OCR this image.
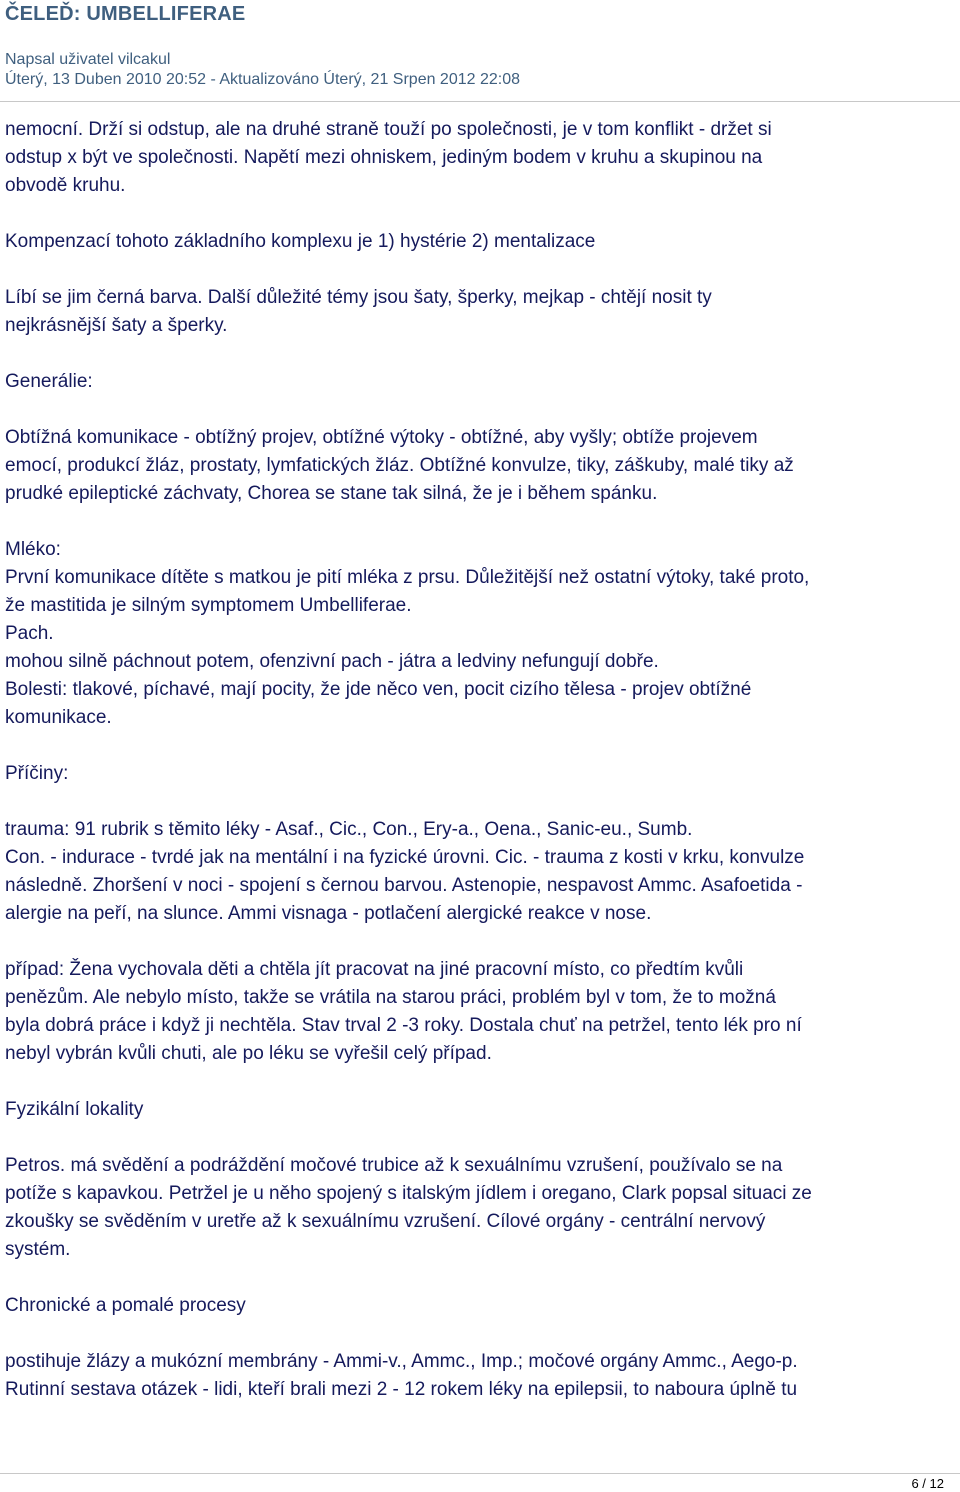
ČELEĎ: UMBELLIFERAE
Napsal uživatel vilcakul
Úterý, 13 Duben 2010 20:52 - Aktualizováno Úterý, 21 Srpen 2012 22:08

nemocní. Drží si odstup, ale na druhé straně touží po společnosti, je v tom konflikt - držet si

odstup x být ve společnosti. Napětí mezi ohniskem, jediným bodem v kruhu a skupinou na

obvodě kruhu.

Kompenzací tohoto základního komplexu je 1) hystérie 2) mentalizace

Líbí se jim černá barva. Další důležité témy jsou šaty, šperky, mejkap - chtějí nosit ty

nejkrásnější šaty a šperky.

Generálie:

Obtížná komunikace - obtížný projev, obtížné výtoky - obtížné, aby vyšly; obtíže projevem

emocí, produkcí žláz, prostaty, lymfatických žláz. Obtížné konvulze, tiky, záškuby, malé tiky až

prudké epileptické záchvaty, Chorea se stane tak silná, že je i během spánku.

Mléko:

První komunikace dítěte s matkou je pití mléka z prsu. Důležitější než ostatní výtoky, také proto,

že mastitida je silným symptomem Umbelliferae.

Pach.

mohou silně páchnout potem, ofenzivní pach - játra a ledviny nefungují dobře.

Bolesti: tlakové, píchavé, mají pocity, že jde něco ven, pocit cizího tělesa - projev obtížné

komunikace.

Příčiny:

trauma: 91 rubrik s těmito léky - Asaf., Cic., Con., Ery-a., Oena., Sanic-eu., Sumb.

Con. - indurace - tvrdé jak na mentální i na fyzické úrovni. Cic. - trauma z kosti v krku, konvulze

následně. Zhoršení v noci - spojení s černou barvou. Astenopie, nespavost Ammc. Asafoetida -

alergie na peří, na slunce. Ammi visnaga - potlačení alergické reakce v nose.

případ: Žena vychovala děti a chtěla jít pracovat na jiné pracovní místo, co předtím kvůli

penězům. Ale nebylo místo, takže se vrátila na starou práci, problém byl v tom, že to možná

byla dobrá práce i když ji nechtěla. Stav trval 2 -3 roky. Dostala chuť na petržel, tento lék pro ní

nebyl vybrán kvůli chuti, ale po léku se vyřešil celý případ.

Fyzikální lokality

Petros. má svědění a podráždění močové trubice až k sexuálnímu vzrušení, používalo se na

potíže s kapavkou. Petržel je u něho spojený s italským jídlem i oregano, Clark popsal situaci ze

zkoušky se svěděním v uretře až k sexuálnímu vzrušení. Cílové orgány - centrální nervový

systém.

Chronické a pomalé procesy

postihuje žlázy a mukózní membrány - Ammi-v., Ammc., Imp.; močové orgány Ammc., Aego-p.

Rutinní sestava otázek - lidi, kteří brali mezi 2 - 12 rokem léky na epilepsii, to naboura úplně tu

6 / 12
